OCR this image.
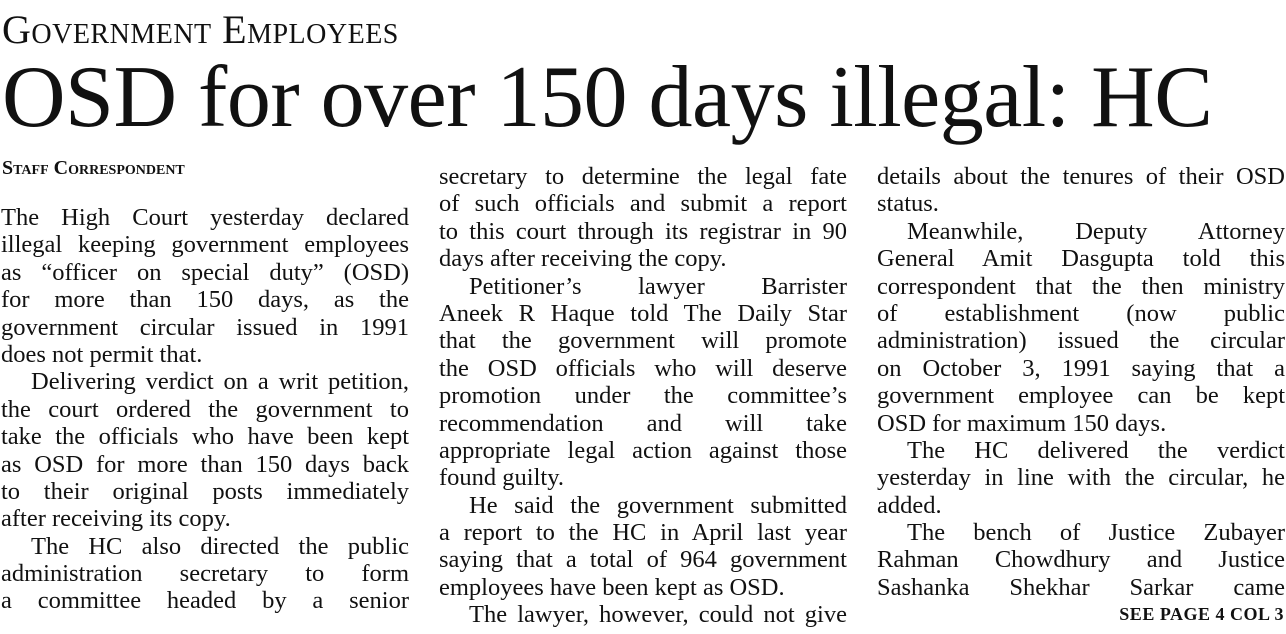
Government Employees
OSD for over 150 days illegal: HC
Staff Correspondent
The High Court yesterday declared
illegal keeping government employees
as “officer on special duty” (OSD)
for more than 150 days, as the
government circular issued in 1991
does not permit that.
Delivering verdict on a writ petition,
the court ordered the government to
take the officials who have been kept
as OSD for more than 150 days back
to their original posts immediately
after receiving its copy.
The HC also directed the public
administration secretary to form
a committee headed by a senior
secretary to determine the legal fate
of such officials and submit a report
to this court through its registrar in 90
days after receiving the copy.
Petitioner’s lawyer Barrister
Aneek R Haque told The Daily Star
that the government will promote
the OSD officials who will deserve
promotion under the committee’s
recommendation and will take
appropriate legal action against those
found guilty.
He said the government submitted
a report to the HC in April last year
saying that a total of 964 government
employees have been kept as OSD.
The lawyer, however, could not give
details about the tenures of their OSD
status.
Meanwhile, Deputy Attorney
General Amit Dasgupta told this
correspondent that the then ministry
of establishment (now public
administration) issued the circular
on October 3, 1991 saying that a
government employee can be kept
OSD for maximum 150 days.
The HC delivered the verdict
yesterday in line with the circular, he
added.
The bench of Justice Zubayer
Rahman Chowdhury and Justice
Sashanka Shekhar Sarkar came
SEE PAGE 4 COL 3
